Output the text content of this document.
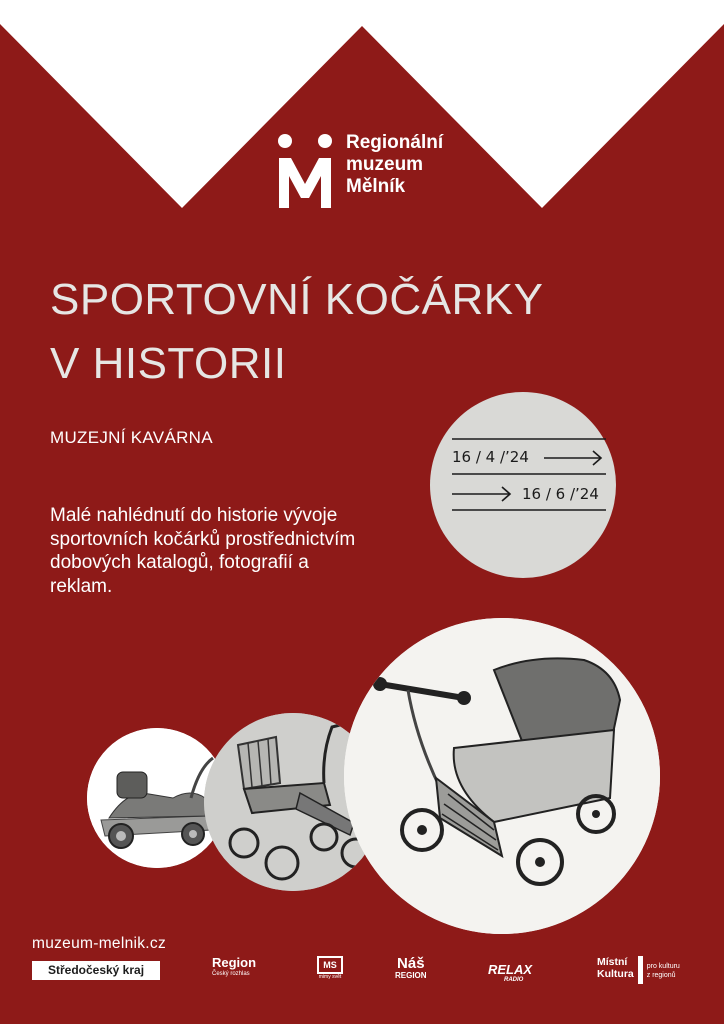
Regionální
muzeum
Mělník
SPORTOVNÍ KOČÁRKY
V HISTORII
MUZEJNÍ KAVÁRNA
Malé nahlédnutí do historie vývoje sportovních kočárků prostřednictvím dobových katalogů, fotografií a reklam.
16 / 4 /’24
16 / 6 /’24
muzeum-melnik.cz
Středočeský kraj	Region
Český rozhlas
MS
mimy svět
Náš
REGION	RELAX
RADIO
Místní
Kultura
pro kulturu
z regionů
